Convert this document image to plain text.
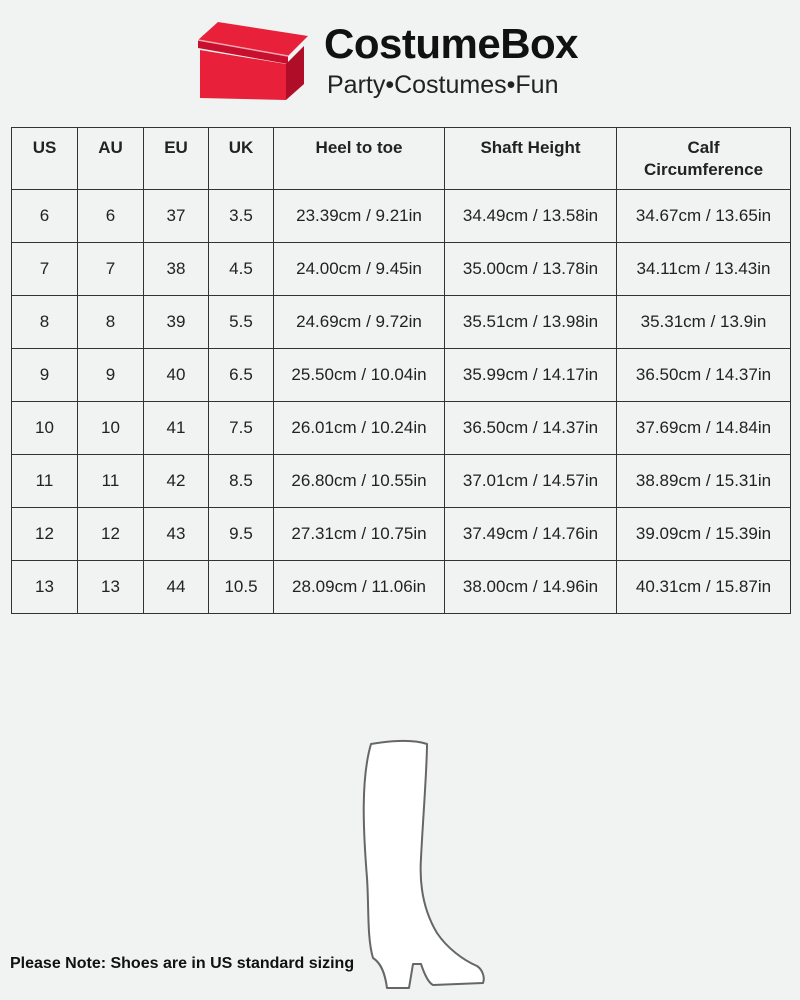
CostumeBox
Party•Costumes•Fun
US	AU	EU	UK	Heel to toe	Shaft Height	Calf Circumference
6	6	37	3.5	23.39cm / 9.21in	34.49cm / 13.58in	34.67cm / 13.65in
7	7	38	4.5	24.00cm / 9.45in	35.00cm / 13.78in	34.11cm / 13.43in
8	8	39	5.5	24.69cm / 9.72in	35.51cm / 13.98in	35.31cm / 13.9in
9	9	40	6.5	25.50cm / 10.04in	35.99cm / 14.17in	36.50cm / 14.37in
10	10	41	7.5	26.01cm / 10.24in	36.50cm / 14.37in	37.69cm / 14.84in
11	11	42	8.5	26.80cm / 10.55in	37.01cm / 14.57in	38.89cm / 15.31in
12	12	43	9.5	27.31cm / 10.75in	37.49cm / 14.76in	39.09cm / 15.39in
13	13	44	10.5	28.09cm / 11.06in	38.00cm / 14.96in	40.31cm / 15.87in
Please Note: Shoes are in US standard sizing
